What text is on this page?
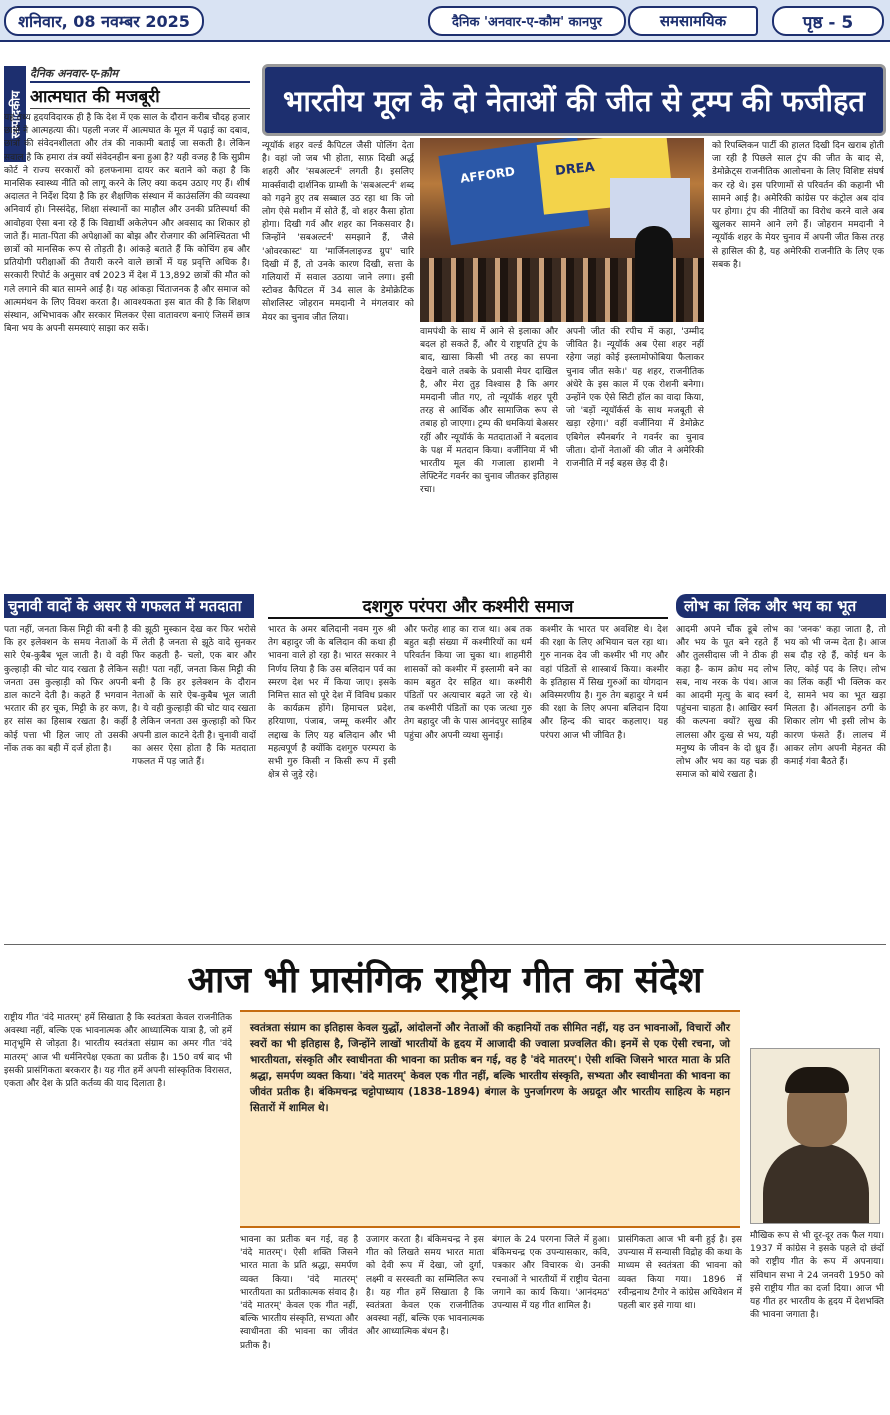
शनिवार, 08 नवम्बर 2025	दैनिक 'अनवार-ए-कौम' कानपुर	समसामयिक	पृष्ठ - 5
सम्पादकीय
दैनिक अनवार-ए-क़ौम
आत्मघात की मजबूरी
यह तथ्य हृदयविदारक ही है कि देश में एक साल के दौरान करीब चौदह हजार छात्रों ने आत्महत्या की। पहली नजर में आत्मघात के मूल में पढ़ाई का दबाव, छात्रों की संवेदनशीलता और तंत्र की नाकामी बताई जा सकती है। लेकिन सवाल है कि हमारा तंत्र क्यों संवेदनहीन बना हुआ है? यही वजह है कि सुप्रीम कोर्ट ने राज्य सरकारों को हलफनामा दायर कर बताने को कहा है कि मानसिक स्वास्थ्य नीति को लागू करने के लिए क्या कदम उठाए गए हैं। शीर्ष अदालत ने निर्देश दिया है कि हर शैक्षणिक संस्थान में काउंसलिंग की व्यवस्था अनिवार्य हो। निस्संदेह, शिक्षा संस्थानों का माहौल और उनकी प्रतिस्पर्धा की आवोहवा ऐसा बना रहे हैं कि विद्यार्थी अकेलेपन और अवसाद का शिकार हो जाते हैं। माता-पिता की अपेक्षाओं का बोझ और रोजगार की अनिश्चितता भी छात्रों को मानसिक रूप से तोड़ती है। आंकड़े बताते हैं कि कोचिंग हब और प्रतियोगी परीक्षाओं की तैयारी करने वाले छात्रों में यह प्रवृत्ति अधिक है। सरकारी रिपोर्ट के अनुसार वर्ष 2023 में देश में 13,892 छात्रों की मौत को गले लगाने की बात सामने आई है। यह आंकड़ा चिंताजनक है और समाज को आत्ममंथन के लिए विवश करता है। आवश्यकता इस बात की है कि शिक्षण संस्थान, अभिभावक और सरकार मिलकर ऐसा वातावरण बनाएं जिसमें छात्र बिना भय के अपनी समस्याएं साझा कर सकें।
भारतीय मूल के दो नेताओं की जीत से ट्रम्प की फजीहत
न्यूयॉर्क शहर वर्ल्ड कैपिटल जैसी पोलिंग देता है। वहां जो जब भी होता, साफ़ दिखी अर्द्ध शहरी और 'सबअल्टर्न' लगती है। इसलिए मार्क्सवादी दार्शनिक ग्राम्शी के 'सबअल्टर्न' शब्द को गढ़ने हुए तब सब्बाल उठ रहा था कि जो लोग ऐसे मशीन में सोते हैं, वो शहर कैसा होता होगा। दिखी गर्व और शहर का निकसवार है। जिन्होंने 'सबअल्टर्न' समझाने हैं, जैसे 'ओवरकास्ट' या 'मार्जिनलाइज्ड ग्रुप' चारि दिखी में हैं, तो उनके कारण दिखी, सत्ता के गलियारों में सवाल उठाया जाने लगा। इसी स्टोक्ड कैपिटल में 34 साल के डेमोक्रेटिक सोशलिस्ट जोहरान ममदानी ने मंगलवार को मेयर का चुनाव जीत लिया।
AFFORD	DREA
वामपंथी के साथ में आने से इलाका और बदल हो सकते हैं, और ये राष्ट्रपति ट्रंप के बाद, खासा किसी भी तरह का सपना देखने वाले तबके के प्रवासी मेयर दाखिल है, और मेरा तुड़ विश्वास है कि अगर ममदानी जीत गए, तो न्यूयॉर्क शहर पूरी तरह से आर्थिक और सामाजिक रूप से तबाह हो जाएगा। ट्रम्प की धमकियां बेअसर रहीं और न्यूयॉर्क के मतदाताओं ने बदलाव के पक्ष में मतदान किया। वर्जीनिया में भी भारतीय मूल की गजाला हाशमी ने लेफ्टिनेंट गवर्नर का चुनाव जीतकर इतिहास रचा।
अपनी जीत की रपीच में कहा, 'उम्मीद जीवित है। न्यूयॉर्क अब ऐसा शहर नहीं रहेगा जहां कोई इस्लामोफोबिया फैलाकर चुनाव जीत सके।' यह शहर, राजनीतिक अंधेरे के इस काल में एक रोशनी बनेगा। उन्होंने एक ऐसे सिटी हॉल का वादा किया, जो 'बड़ों न्यूयॉर्कर्स के साथ मजबूती से खड़ा रहेगा।' वहीं वर्जीनिया में डेमोक्रेट एबिगेल स्पैनबर्गर ने गवर्नर का चुनाव जीता। दोनों नेताओं की जीत ने अमेरिकी राजनीति में नई बहस छेड़ दी है।
को रिपब्लिकन पार्टी की हालत दिखी दिन खराब होती जा रही है पिछले साल ट्रंप की जीत के बाद से, डेमोक्रेट्स राजनीतिक आलोचना के लिए विशिष्ट संघर्ष कर रहे थे। इस परिणामों से परिवर्तन की कहानी भी सामने आई है। अमेरिकी कांग्रेस पर कंट्रोल अब दांव पर होगा। ट्रंप की नीतियों का विरोध करने वाले अब खुलकर सामने आने लगे हैं। जोहरान ममदानी ने न्यूयॉर्क शहर के मेयर चुनाव में अपनी जीत किस तरह से हासिल की है, यह अमेरिकी राजनीति के लिए एक सबक है।
चुनावी वादों के असर से गफलत में मतदाता	दशगुरु परंपरा और कश्मीरी समाज	लोभ का लिंक और भय का भूत
पता नहीं, जनता किस मिट्टी की बनी है कि हर इलेक्शन के समय नेताओं के सारे ऐब-कुबैब भूल जाती है। ये वही कुल्हाड़ी की चोट याद रखता है लेकिन जनता उस कुल्हाड़ी को फिर अपनी डाल काटने देती है। कहते हैं भगवान भरतार की हर चूक, मिट्टी के हर कण, हर सांस का हिसाब रखता है। कहीं कोई पत्ता भी हिल जाए तो उसकी नोंक तक का बही में दर्ज होता है।
की झूठी मुस्कान देख कर फिर भरोसे में लेती है जनता से झूठे वादे सुनकर फिर कहती है- चलो, एक बार और सही! पता नहीं, जनता किस मिट्टी की बनी है कि हर इलेक्शन के दौरान नेताओं के सारे ऐब-कुबैब भूल जाती है। ये वही कुल्हाड़ी की चोट याद रखता है लेकिन जनता उस कुल्हाड़ी को फिर अपनी डाल काटने देती है। चुनावी वादों का असर ऐसा होता है कि मतदाता गफलत में पड़ जाते हैं।
भारत के अमर बलिदानी नवम गुरु श्री तेग बहादुर जी के बलिदान की कथा ही भावना वाले हो रहा है। भारत सरकार ने निर्णय लिया है कि उस बलिदान पर्व का स्मरण देश भर में किया जाए। इसके निमित्त सात सो पूरे देश में विविध प्रकार के कार्यक्रम होंगे। हिमाचल प्रदेश, हरियाणा, पंजाब, जम्मू कश्मीर और लद्दाख के लिए यह बलिदान और भी महत्वपूर्ण है क्योंकि दशगुरु परम्परा के सभी गुरु किसी न किसी रूप में इसी क्षेत्र से जुड़े रहे।
और फरोह शाह का राज था। अब तक बहुत बड़ी संख्या में कश्मीरियों का धर्म परिवर्तन किया जा चुका था। शाहमीरी शासकों को कश्मीर में इस्लामी बने का काम बहुत देर सहित था। कश्मीरी पंडितों पर अत्याचार बढ़ते जा रहे थे। तब कश्मीरी पंडितों का एक जत्था गुरु तेग बहादुर जी के पास आनंदपुर साहिब पहुंचा और अपनी व्यथा सुनाई।
कश्मीर के भारत पर अवशिष्ट थे। देश की रक्षा के लिए अभियान चल रहा था। गुरु नानक देव जी कश्मीर भी गए और वहां पंडितों से शास्त्रार्थ किया। कश्मीर के इतिहास में सिख गुरुओं का योगदान अविस्मरणीय है। गुरु तेग बहादुर ने धर्म की रक्षा के लिए अपना बलिदान दिया और हिन्द की चादर कहलाए। यह परंपरा आज भी जीवित है।
आदमी अपने चौंक डूबे लोभ और भय के पूत बने रहते हैं और तुलसीदास जी ने ठीक ही कहा है- काम क्रोध मद लोभ सब, नाथ नरक के पंथ। आज का आदमी मृत्यु के बाद स्वर्ग पहुंचना चाहता है। आखिर स्वर्ग की कल्पना क्यों? सुख की लालसा और दुःख से भय, यही मनुष्य के जीवन के दो ध्रुव हैं। लोभ और भय का यह चक्र ही समाज को बांधे रखता है।
का 'जनक' कहा जाता है, तो भय को भी जन्म देता है। आज सब दौड़ रहे हैं, कोई धन के लिए, कोई पद के लिए। लोभ का लिंक कहीं भी क्लिक कर दे, सामने भय का भूत खड़ा मिलता है। ऑनलाइन ठगी के शिकार लोग भी इसी लोभ के कारण फंसते हैं। लालच में आकर लोग अपनी मेहनत की कमाई गंवा बैठते हैं।
आज भी प्रासंगिक राष्ट्रीय गीत का संदेश
राष्ट्रीय गीत 'वंदे मातरम्' हमें सिखाता है कि स्वतंत्रता केवल राजनीतिक अवस्था नहीं, बल्कि एक भावनात्मक और आध्यात्मिक यात्रा है, जो हमें मातृभूमि से जोड़ता है। भारतीय स्वतंत्रता संग्राम का अमर गीत 'वंदे मातरम्' आज भी धर्मनिरपेक्ष एकता का प्रतीक है। 150 वर्ष बाद भी इसकी प्रासंगिकता बरकरार है। यह गीत हमें अपनी सांस्कृतिक विरासत, एकता और देश के प्रति कर्तव्य की याद दिलाता है।
स्वतंत्रता संग्राम का इतिहास केवल युद्धों, आंदोलनों और नेताओं की कहानियों तक सीमित नहीं, यह उन भावनाओं, विचारों और स्वरों का भी इतिहास है, जिन्होंने लाखों भारतीयों के हृदय में आजादी की ज्वाला प्रज्वलित की। इनमें से एक ऐसी रचना, जो भारतीयता, संस्कृति और स्वाधीनता की भावना का प्रतीक बन गई, वह है 'वंदे मातरम्'। ऐसी शक्ति जिसने भारत माता के प्रति श्रद्धा, समर्पण व्यक्त किया। 'वंदे मातरम्' केवल एक गीत नहीं, बल्कि भारतीय संस्कृति, सभ्यता और स्वाधीनता की भावना का जीवंत प्रतीक है। बंकिमचन्द्र चट्टोपाध्याय (1838-1894) बंगाल के पुनर्जागरण के अग्रदूत और भारतीय साहित्य के महान सितारों में शामिल थे।
भावना का प्रतीक बन गई, वह है 'वंदे मातरम्'। ऐसी शक्ति जिसने भारत माता के प्रति श्रद्धा, समर्पण व्यक्त किया। 'वंदे मातरम्' भारतीयता का प्रतीकात्मक संवाद है। 'वंदे मातरम्' केवल एक गीत नहीं, बल्कि भारतीय संस्कृति, सभ्यता और स्वाधीनता की भावना का जीवंत प्रतीक है।
उजागर करता है। बंकिमचन्द्र ने इस गीत को लिखते समय भारत माता को देवी रूप में देखा, जो दुर्गा, लक्ष्मी व सरस्वती का सम्मिलित रूप है। यह गीत हमें सिखाता है कि स्वतंत्रता केवल एक राजनीतिक अवस्था नहीं, बल्कि एक भावनात्मक और आध्यात्मिक बंधन है।
बंगाल के 24 परगना जिले में हुआ। बंकिमचन्द्र एक उपन्यासकार, कवि, पत्रकार और विचारक थे। उनकी रचनाओं ने भारतीयों में राष्ट्रीय चेतना जगाने का कार्य किया। 'आनंदमठ' उपन्यास में यह गीत शामिल है।
प्रासंगिकता आज भी बनी हुई है। इस उपन्यास में सन्यासी विद्रोह की कथा के माध्यम से स्वतंत्रता की भावना को व्यक्त किया गया। 1896 में रवीन्द्रनाथ टैगोर ने कांग्रेस अधिवेशन में पहली बार इसे गाया था।
मौखिक रूप से भी दूर-दूर तक फैल गया। 1937 में कांग्रेस ने इसके पहले दो छंदों को राष्ट्रीय गीत के रूप में अपनाया। संविधान सभा ने 24 जनवरी 1950 को इसे राष्ट्रीय गीत का दर्जा दिया। आज भी यह गीत हर भारतीय के हृदय में देशभक्ति की भावना जगाता है।
